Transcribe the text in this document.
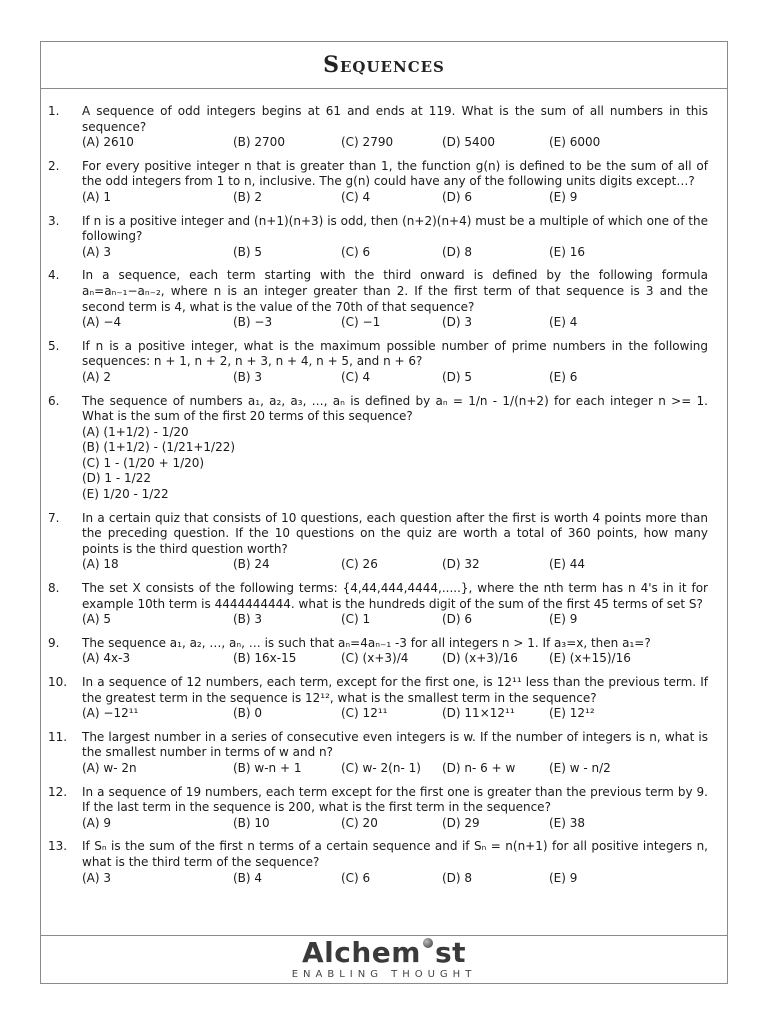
Sequences
Alchem st
ENABLING THOUGHT
1. A sequence of odd integers begins at 61 and ends at 119. What is the sum of all numbers in this sequence?
(A) 2610	(B) 2700	(C) 2790	(D) 5400	(E) 6000
2. For every positive integer n that is greater than 1, the function g(n) is defined to be the sum of all of the odd integers from 1 to n, inclusive. The g(n) could have any of the following units digits except…?
(A) 1	(B) 2	(C) 4	(D) 6	(E) 9
3. If n is a positive integer and (n+1)(n+3) is odd, then (n+2)(n+4) must be a multiple of which one of the following?
(A) 3	(B) 5	(C) 6	(D) 8	(E) 16
4. In a sequence, each term starting with the third onward is defined by the following formula aₙ=aₙ₋₁−aₙ₋₂, where n is an integer greater than 2. If the first term of that sequence is 3 and the second term is 4, what is the value of the 70th of that sequence?
(A) −4	(B) −3	(C) −1	(D) 3	(E) 4
5. If n is a positive integer, what is the maximum possible number of prime numbers in the following sequences: n + 1, n + 2, n + 3, n + 4, n + 5, and n + 6?
(A) 2	(B) 3	(C) 4	(D) 5	(E) 6
6. The sequence of numbers a₁, a₂, a₃, …, aₙ is defined by aₙ = 1/n - 1/(n+2) for each integer n >= 1. What is the sum of the first 20 terms of this sequence?
(A) (1+1/2) - 1/20
(B) (1+1/2) - (1/21+1/22)
(C) 1 - (1/20 + 1/20)
(D) 1 - 1/22
(E) 1/20 - 1/22
7. In a certain quiz that consists of 10 questions, each question after the first is worth 4 points more than the preceding question. If the 10 questions on the quiz are worth a total of 360 points, how many points is the third question worth?
(A) 18	(B) 24	(C) 26	(D) 32	(E) 44
8. The set X consists of the following terms: {4,44,444,4444,.....}, where the nth term has n 4's in it for example 10th term is 4444444444. what is the hundreds digit of the sum of the first 45 terms of set S?
(A) 5	(B) 3	(C) 1	(D) 6	(E) 9
9. The sequence a₁, a₂, …, aₙ, … is such that aₙ=4aₙ₋₁ -3 for all integers n > 1. If a₃=x, then a₁=?
(A) 4x-3	(B) 16x-15	(C) (x+3)/4	(D) (x+3)/16	(E) (x+15)/16
10. In a sequence of 12 numbers, each term, except for the first one, is 12¹¹ less than the previous term. If the greatest term in the sequence is 12¹², what is the smallest term in the sequence?
(A) −12¹¹	(B) 0	(C) 12¹¹	(D) 11×12¹¹	(E) 12¹²
11. The largest number in a series of consecutive even integers is w. If the number of integers is n, what is the smallest number in terms of w and n?
(A) w- 2n	(B) w-n + 1	(C) w- 2(n- 1)	(D) n- 6 + w	(E) w - n/2
12. In a sequence of 19 numbers, each term except for the first one is greater than the previous term by 9. If the last term in the sequence is 200, what is the first term in the sequence?
(A) 9	(B) 10	(C) 20	(D) 29	(E) 38
13. If Sₙ is the sum of the first n terms of a certain sequence and if Sₙ = n(n+1) for all positive integers n, what is the third term of the sequence?
(A) 3	(B) 4	(C) 6	(D) 8	(E) 9
